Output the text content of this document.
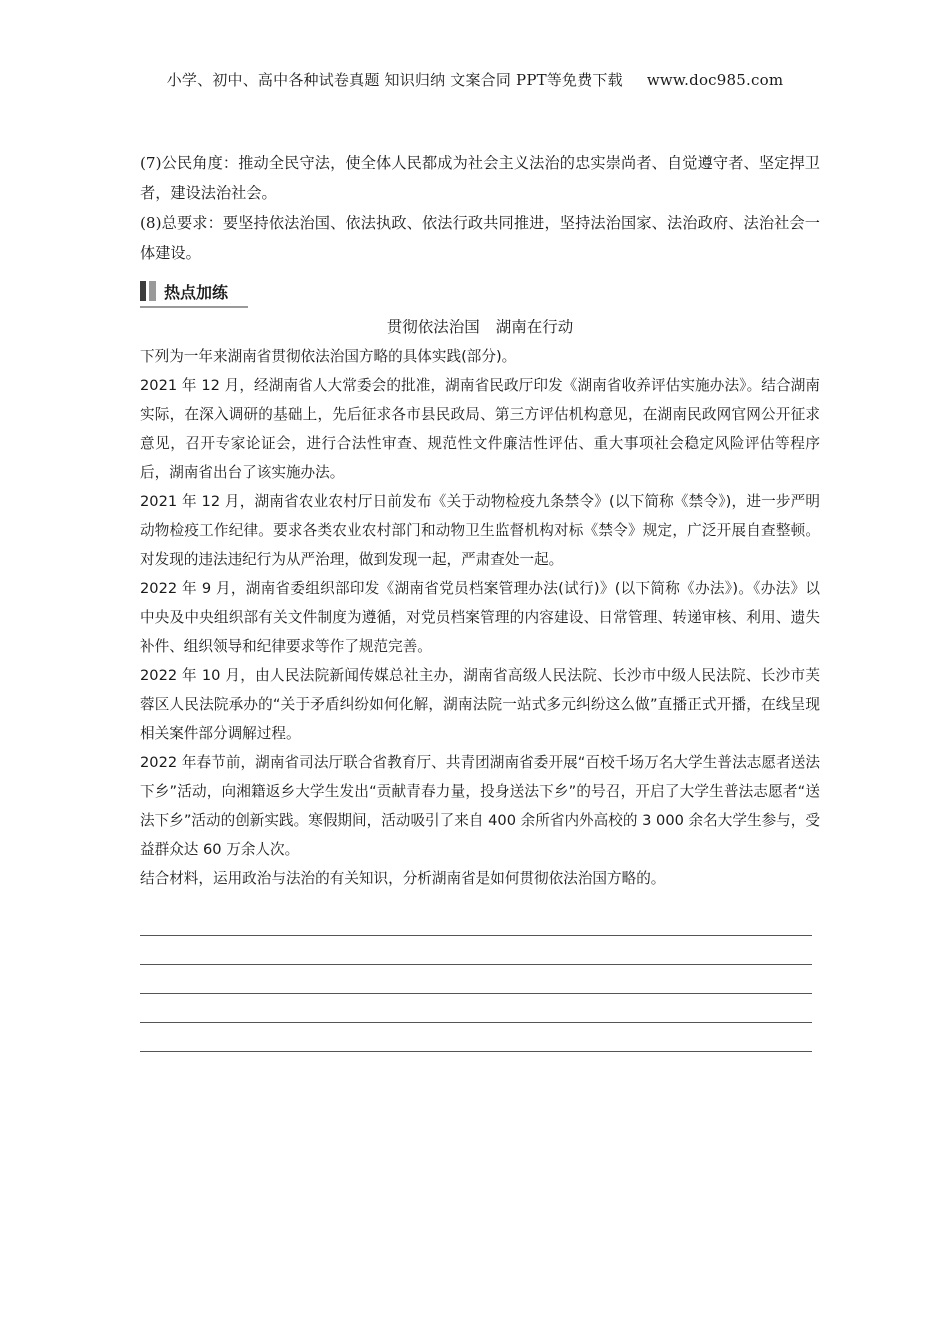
小学、初中、高中各种试卷真题 知识归纳 文案合同 PPT等免费下载 www.doc985.com

(7)公民角度：推动全民守法，使全体人民都成为社会主义法治的忠实崇尚者、自觉遵守者、坚定捍卫者，建设法治社会。

(8)总要求：要坚持依法治国、依法执政、依法行政共同推进，坚持法治国家、法治政府、法治社会一体建设。

热点加练
贯彻依法治国 湖南在行动

下列为一年来湖南省贯彻依法治国方略的具体实践(部分)。

2021 年 12 月，经湖南省人大常委会的批准，湖南省民政厅印发《湖南省收养评估实施办法》。结合湖南实际，在深入调研的基础上，先后征求各市县民政局、第三方评估机构意见，在湖南民政网官网公开征求意见，召开专家论证会，进行合法性审查、规范性文件廉洁性评估、重大事项社会稳定风险评估等程序后，湖南省出台了该实施办法。

2021 年 12 月，湖南省农业农村厅日前发布《关于动物检疫九条禁令》(以下简称《禁令》)，进一步严明动物检疫工作纪律。要求各类农业农村部门和动物卫生监督机构对标《禁令》规定，广泛开展自查整顿。对发现的违法违纪行为从严治理，做到发现一起，严肃查处一起。

2022 年 9 月，湖南省委组织部印发《湖南省党员档案管理办法(试行)》(以下简称《办法》)。《办法》以中央及中央组织部有关文件制度为遵循，对党员档案管理的内容建设、日常管理、转递审核、利用、遗失补件、组织领导和纪律要求等作了规范完善。

2022 年 10 月，由人民法院新闻传媒总社主办，湖南省高级人民法院、长沙市中级人民法院、长沙市芙蓉区人民法院承办的“关于矛盾纠纷如何化解，湖南法院一站式多元纠纷这么做”直播正式开播，在线呈现相关案件部分调解过程。

2022 年春节前，湖南省司法厅联合省教育厅、共青团湖南省委开展“百校千场万名大学生普法志愿者送法下乡”活动，向湘籍返乡大学生发出“贡献青春力量，投身送法下乡”的号召，开启了大学生普法志愿者“送法下乡”活动的创新实践。寒假期间，活动吸引了来自 400 余所省内外高校的 3 000 余名大学生参与，受益群众达 60 万余人次。

结合材料，运用政治与法治的有关知识，分析湖南省是如何贯彻依法治国方略的。
